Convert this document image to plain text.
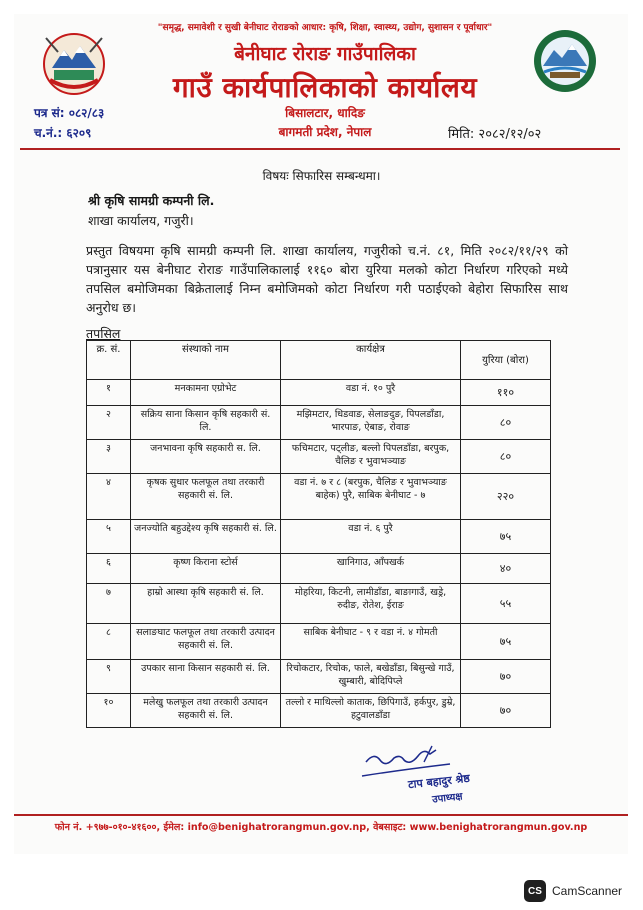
"समृद्ध, समावेशी र सुखी बेनीघाट रोराङको आधार: कृषि, शिक्षा, स्वास्थ्य, उद्योग, सुशासन र पूर्वाधार"
बेनीघाट रोराङ गाउँपालिका
गाउँ कार्यपालिकाको कार्यालय
बिसालटार, धादिङ
बागमती प्रदेश, नेपाल
पत्र सं: ०८२/८३
च.नं.: ६२०९	मिति: २०८२/१२/०२
विषयः सिफारिस सम्बन्धमा।
श्री कृषि सामग्री कम्पनी लि.
शाखा कार्यालय, गजुरी।
प्रस्तुत विषयमा कृषि सामग्री कम्पनी लि. शाखा कार्यालय, गजुरीको च.नं. ८१, मिति २०८२/११/२९ को पत्रानुसार यस बेनीघाट रोराङ गाउँपालिकालाई ११६० बोरा युरिया मलको कोटा निर्धारण गरिएको मध्ये तपसिल बमोजिमका बिक्रेतालाई निम्न बमोजिमको कोटा निर्धारण गरी पठाईएको बेहोरा सिफारिस साथ अनुरोध छ।
तपसिल
क्र. सं.	संस्थाको नाम	कार्यक्षेत्र	युरिया (बोरा)
१	मनकामना एग्रोभेट	वडा नं. १० पुरै	११०
२	सक्रिय साना किसान कृषि सहकारी सं. लि.	मझिमटार, धिडवाङ, सेलाङदुङ, पिपलडाँडा, भारपाङ, ऐबाङ, रोवाङ	८०
३	जनभावना कृषि सहकारी स. लि.	फचिमटार, पट्लीङ, बल्लो पिपलडाँडा, बरपुक, चैलिङ र भुवाभञ्याङ	८०
४	कृषक सुधार फलफूल तथा तरकारी सहकारी सं. लि.	वडा नं. ७ र ८ (बरपुक, चैलिङ र भुवाभञ्याङ बाहेक) पुरै, साबिक बेनीघाट - ७	२२०
५	जनज्योति बहुउद्देश्य कृषि सहकारी सं. लि.	वडा नं. ६ पुरै	७५
६	कृष्ण किराना स्टोर्स	खानिगाउ, आँपखर्क	४०
७	हाम्रो आस्था कृषि सहकारी सं. लि.	मोहरिया, किटनी, लामीडाँडा, बाङागाउँ, खड्रे, रुदीङ, रोतेश, ईराङ	५५
८	सलाङघाट फलफूल तथा तरकारी उत्पादन सहकारी सं. लि.	साबिक बेनीघाट - ९ र वडा नं. ४ गोमती	७५
९	उपकार साना किसान सहकारी सं. लि.	रिचोकटार, रिचोक, फाले, बखेडाँडा, बिसुन्खे गाउँ, खुम्बारी, बोदिपिप्ले	७०
१०	मलेखु फलफूल तथा तरकारी उत्पादन सहकारी सं. लि.	तल्लो र माथिल्लो काताक, छिपिगाउँ, हर्कपुर, डुम्रे, हटुवालडाँडा	७०
टाप बहादुर श्रेष्ठ
उपाध्यक्ष
फोन नं. +९७७-०१०-४१६००, ईमेल: info@benighatrorangmun.gov.np, वेबसाइट: www.benighatrorangmun.gov.np
CS CamScanner
